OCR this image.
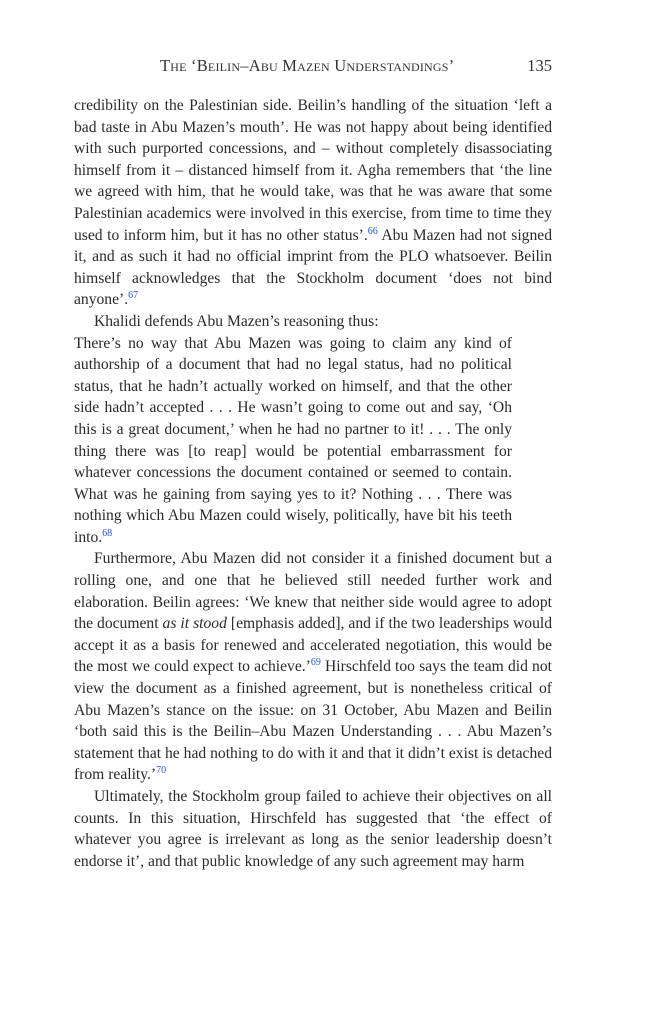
The ‘Beilin–Abu Mazen Understandings’	135

credibility on the Palestinian side. Beilin’s handling of the situation ‘left a bad taste in Abu Mazen’s mouth’. He was not happy about being identified with such purported concessions, and – without completely disassociating himself from it – distanced himself from it. Agha remembers that ‘the line we agreed with him, that he would take, was that he was aware that some Palestinian academics were involved in this exercise, from time to time they used to inform him, but it has no other status’.$^{66}$ Abu Mazen had not signed it, and as such it had no official imprint from the PLO whatsoever. Beilin himself acknowledges that the Stockholm document ‘does not bind anyone’.$^{67}$

Khalidi defends Abu Mazen’s reasoning thus:

There’s no way that Abu Mazen was going to claim any kind of authorship of a document that had no legal status, had no political status, that he hadn’t actually worked on himself, and that the other side hadn’t accepted . . . He wasn’t going to come out and say, ‘Oh this is a great document,’ when he had no partner to it! . . . The only thing there was [to reap] would be potential embarrassment for whatever concessions the document contained or seemed to contain. What was he gaining from saying yes to it? Nothing . . . There was nothing which Abu Mazen could wisely, politically, have bit his teeth into.$^{68}$

Furthermore, Abu Mazen did not consider it a finished document but a rolling one, and one that he believed still needed further work and elaboration. Beilin agrees: ‘We knew that neither side would agree to adopt the document as it stood [emphasis added], and if the two leaderships would accept it as a basis for renewed and accelerated negotiation, this would be the most we could expect to achieve.’$^{69}$ Hirschfeld too says the team did not view the document as a finished agreement, but is nonetheless critical of Abu Mazen’s stance on the issue: on 31 October, Abu Mazen and Beilin ‘both said this is the Beilin–Abu Mazen Understanding . . . Abu Mazen’s statement that he had nothing to do with it and that it didn’t exist is detached from reality.’$^{70}$

Ultimately, the Stockholm group failed to achieve their objectives on all counts. In this situation, Hirschfeld has suggested that ‘the effect of whatever you agree is irrelevant as long as the senior leadership doesn’t endorse it’, and that public knowledge of any such agreement may harm
